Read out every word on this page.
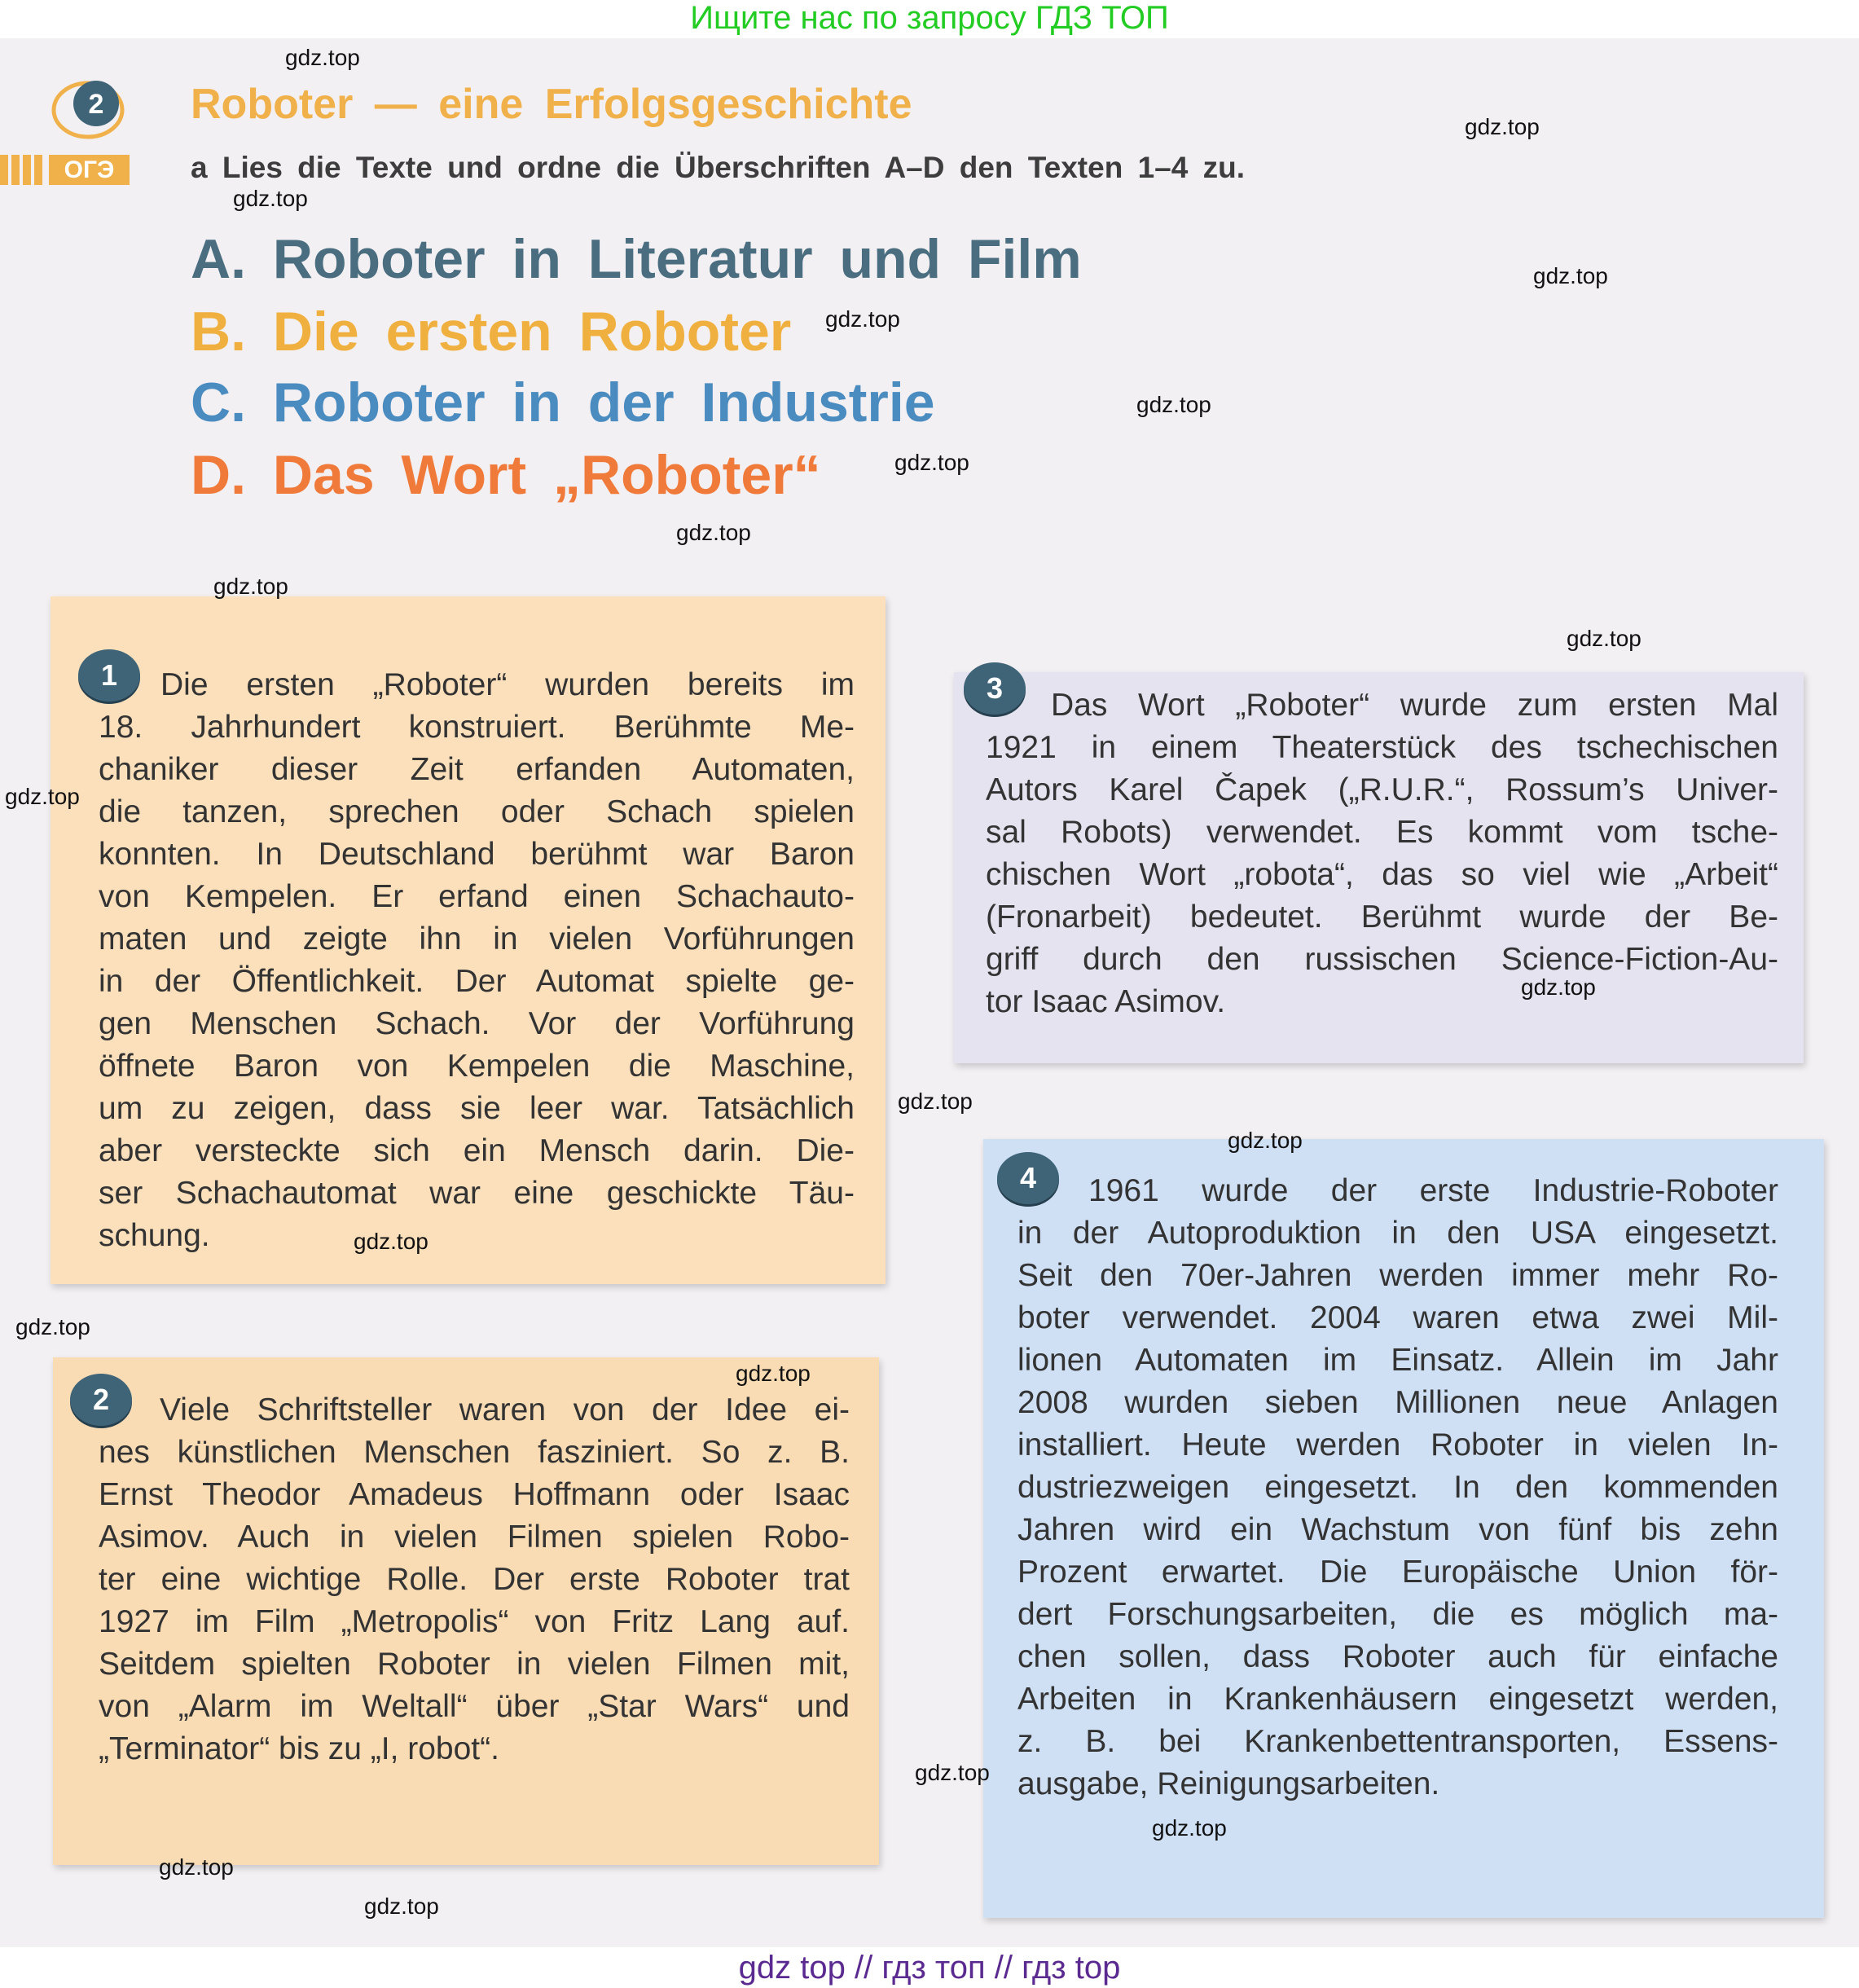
Ищите нас по запросу ГДЗ ТОП
2
ОГЭ
Roboter — eine Erfolgsgeschichte
a Lies die Texte und ordne die Überschriften A–D den Texten 1–4 zu.
A. Roboter in Literatur und Film
B. Die ersten Roboter
C. Roboter in der Industrie
D. Das Wort „Roboter“
1
2
3
4
Die ersten „Roboter“ wurden bereits im
18. Jahrhundert konstruiert. Berühmte Me-
chaniker dieser Zeit erfanden Automaten,
die tanzen, sprechen oder Schach spielen
konnten. In Deutschland berühmt war Baron
von Kempelen. Er erfand einen Schachauto-
maten und zeigte ihn in vielen Vorführungen
in der Öffentlichkeit. Der Automat spielte ge-
gen Menschen Schach. Vor der Vorführung
öffnete Baron von Kempelen die Maschine,
um zu zeigen, dass sie leer war. Tatsächlich
aber versteckte sich ein Mensch darin. Die-
ser Schachautomat war eine geschickte Täu-
schung.
Viele Schriftsteller waren von der Idee ei-
nes künstlichen Menschen fasziniert. So z. B.
Ernst Theodor Amadeus Hoffmann oder Isaac
Asimov. Auch in vielen Filmen spielen Robo-
ter eine wichtige Rolle. Der erste Roboter trat
1927 im Film „Metropolis“ von Fritz Lang auf.
Seitdem spielten Roboter in vielen Filmen mit,
von „Alarm im Weltall“ über „Star Wars“ und
„Terminator“ bis zu „I, robot“.
Das Wort „Roboter“ wurde zum ersten Mal
1921 in einem Theaterstück des tschechischen
Autors Karel Čapek („R.U.R.“, Rossum’s Univer-
sal Robots) verwendet. Es kommt vom tsche-
chischen Wort „robota“, das so viel wie „Arbeit“
(Fronarbeit) bedeutet. Berühmt wurde der Be-
griff durch den russischen Science-Fiction-Au-
tor Isaac Asimov.
1961 wurde der erste Industrie-Roboter
in der Autoproduktion in den USA eingesetzt.
Seit den 70er-Jahren werden immer mehr Ro-
boter verwendet. 2004 waren etwa zwei Mil-
lionen Automaten im Einsatz. Allein im Jahr
2008 wurden sieben Millionen neue Anlagen
installiert. Heute werden Roboter in vielen In-
dustriezweigen eingesetzt. In den kommenden
Jahren wird ein Wachstum von fünf bis zehn
Prozent erwartet. Die Europäische Union för-
dert Forschungsarbeiten, die es möglich ma-
chen sollen, dass Roboter auch für einfache
Arbeiten in Krankenhäusern eingesetzt werden,
z. B. bei Krankenbettentransporten, Essens-
ausgabe, Reinigungsarbeiten.
gdz.top
gdz.top
gdz.top
gdz.top
gdz.top
gdz.top
gdz.top
gdz.top
gdz.top
gdz.top
gdz.top
gdz.top
gdz.top
gdz.top
gdz.top
gdz.top
gdz.top
gdz.top
gdz.top
gdz.top
gdz.top
gdz top // гдз топ // гдз top
